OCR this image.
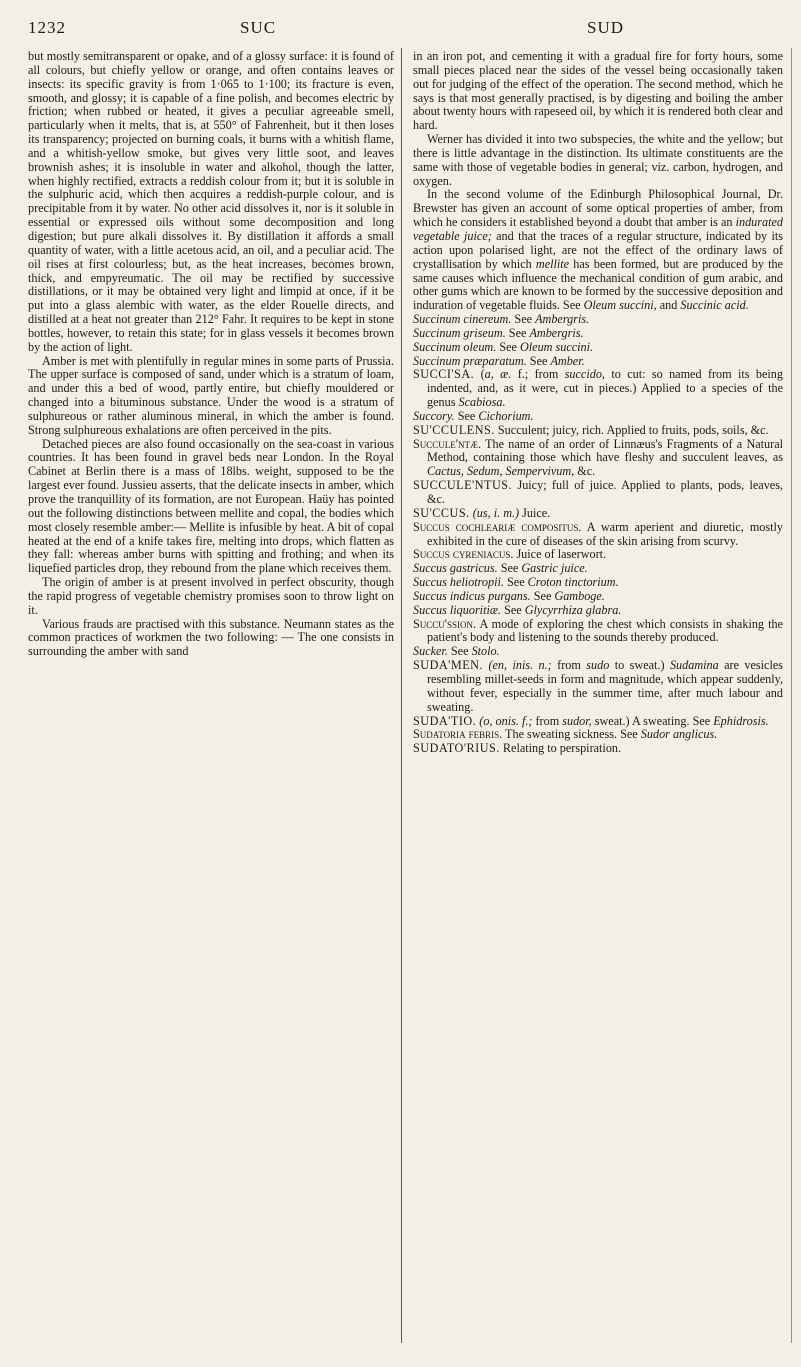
1232	SUC	SUD

but mostly semitransparent or opake, and of a glossy surface: it is found of all colours, but chiefly yellow or orange, and often contains leaves or insects: its specific gravity is from 1·065 to 1·100; its fracture is even, smooth, and glossy; it is capable of a fine polish, and becomes electric by friction; when rubbed or heated, it gives a peculiar agreeable smell, particularly when it melts, that is, at 550° of Fahrenheit, but it then loses its transparency; projected on burning coals, it burns with a whitish flame, and a whitish-yellow smoke, but gives very little soot, and leaves brownish ashes; it is insoluble in water and alkohol, though the latter, when highly rectified, extracts a reddish colour from it; but it is soluble in the sulphuric acid, which then acquires a reddish-purple colour, and is precipitable from it by water. No other acid dissolves it, nor is it soluble in essential or expressed oils without some decomposition and long digestion; but pure alkali dissolves it. By distillation it affords a small quantity of water, with a little acetous acid, an oil, and a peculiar acid. The oil rises at first colourless; but, as the heat increases, becomes brown, thick, and empyreumatic. The oil may be rectified by successive distillations, or it may be obtained very light and limpid at once, if it be put into a glass alembic with water, as the elder Rouelle directs, and distilled at a heat not greater than 212° Fahr. It requires to be kept in stone bottles, however, to retain this state; for in glass vessels it becomes brown by the action of light.

Amber is met with plentifully in regular mines in some parts of Prussia. The upper surface is composed of sand, under which is a stratum of loam, and under this a bed of wood, partly entire, but chiefly mouldered or changed into a bituminous substance. Under the wood is a stratum of sulphureous or rather aluminous mineral, in which the amber is found. Strong sulphureous exhalations are often perceived in the pits.

Detached pieces are also found occasionally on the sea-coast in various countries. It has been found in gravel beds near London. In the Royal Cabinet at Berlin there is a mass of 18lbs. weight, supposed to be the largest ever found. Jussieu asserts, that the delicate insects in amber, which prove the tranquillity of its formation, are not European. Haüy has pointed out the following distinctions between mellite and copal, the bodies which most closely resemble amber:— Mellite is infusible by heat. A bit of copal heated at the end of a knife takes fire, melting into drops, which flatten as they fall: whereas amber burns with spitting and frothing; and when its liquefied particles drop, they rebound from the plane which receives them.

The origin of amber is at present involved in perfect obscurity, though the rapid progress of vegetable chemistry promises soon to throw light on it.

Various frauds are practised with this substance. Neumann states as the common practices of workmen the two following: — The one consists in surrounding the amber with sand

in an iron pot, and cementing it with a gradual fire for forty hours, some small pieces placed near the sides of the vessel being occasionally taken out for judging of the effect of the operation. The second method, which he says is that most generally practised, is by digesting and boiling the amber about twenty hours with rapeseed oil, by which it is rendered both clear and hard.

Werner has divided it into two subspecies, the white and the yellow; but there is little advantage in the distinction. Its ultimate constituents are the same with those of vegetable bodies in general; viz. carbon, hydrogen, and oxygen.

In the second volume of the Edinburgh Philosophical Journal, Dr. Brewster has given an account of some optical properties of amber, from which he considers it established beyond a doubt that amber is an indurated vegetable juice; and that the traces of a regular structure, indicated by its action upon polarised light, are not the effect of the ordinary laws of crystallisation by which mellite has been formed, but are produced by the same causes which influence the mechanical condition of gum arabic, and other gums which are known to be formed by the successive deposition and induration of vegetable fluids. See Oleum succini, and Succinic acid.

Succinum cinereum. See Ambergris.
Succinum griseum. See Ambergris.
Succinum oleum. See Oleum succini.
Succinum præparatum. See Amber.
SUCCI'SA. (a, æ. f.; from succido, to cut: so named from its being indented, and, as it were, cut in pieces.) Applied to a species of the genus Scabiosa.
Succory. See Cichorium.
SU'CCULENS. Succulent; juicy, rich. Applied to fruits, pods, soils, &c.
Succule'ntæ. The name of an order of Linnæus's Fragments of a Natural Method, containing those which have fleshy and succulent leaves, as Cactus, Sedum, Sempervivum, &c.
SUCCULE'NTUS. Juicy; full of juice. Applied to plants, pods, leaves, &c.
SU'CCUS. (us, i. m.) Juice.
Succus cochleariæ compositus. A warm aperient and diuretic, mostly exhibited in the cure of diseases of the skin arising from scurvy.
Succus cyreniacus. Juice of laserwort.
Succus gastricus. See Gastric juice.
Succus heliotropii. See Croton tinctorium.
Succus indicus purgans. See Gamboge.
Succus liquoritiæ. See Glycyrrhiza glabra.
Succu'ssion. A mode of exploring the chest which consists in shaking the patient's body and listening to the sounds thereby produced.
Sucker. See Stolo.
SUDA'MEN. (en, inis. n.; from sudo to sweat.) Sudamina are vesicles resembling millet-seeds in form and magnitude, which appear suddenly, without fever, especially in the summer time, after much labour and sweating.
SUDA'TIO. (o, onis. f.; from sudor, sweat.) A sweating. See Ephidrosis.
Sudatoria febris. The sweating sickness. See Sudor anglicus.
SUDATO'RIUS. Relating to perspiration.
